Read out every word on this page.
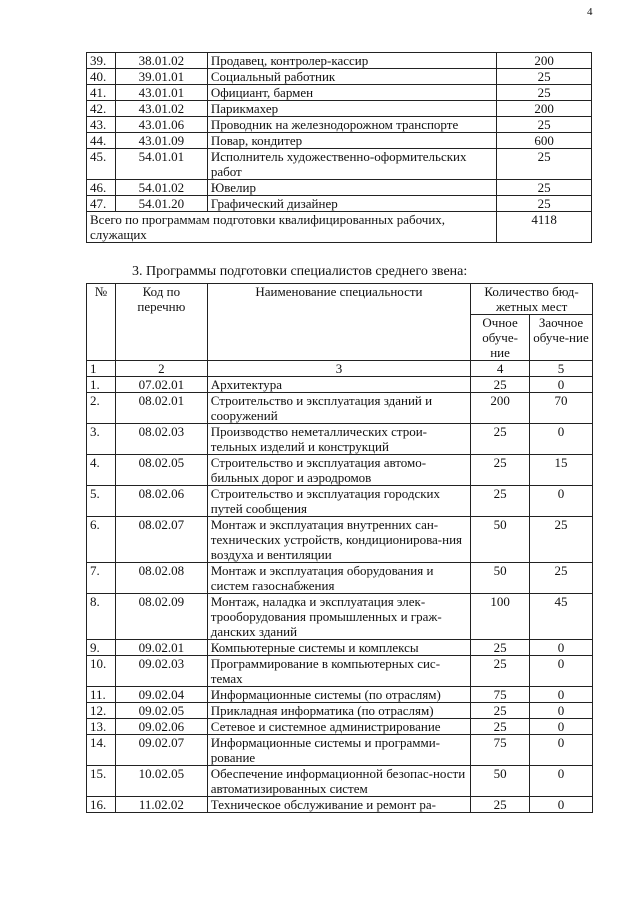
4
39.	38.01.02	Продавец, контролер-кассир	200
40.	39.01.01	Социальный работник	25
41.	43.01.01	Официант, бармен	25
42.	43.01.02	Парикмахер	200
43.	43.01.06	Проводник на железнодорожном транспорте	25
44.	43.01.09	Повар, кондитер	600
45.	54.01.01	Исполнитель художественно-оформительских работ	25
46.	54.01.02	Ювелир	25
47.	54.01.20	Графический дизайнер	25
Всего по программам подготовки квалифицированных рабочих, служащих			4118
3. Программы подготовки специалистов среднего звена:
№	Код по перечню	Наименование специальности	Количество бюд-жетных мест	
			Очное обуче-ние	Заочное обуче-ние
1	2	3	4	5
1.	07.02.01	Архитектура	25	0
2.	08.02.01	Строительство и эксплуатация зданий и сооружений	200	70
3.	08.02.03	Производство неметаллических строи-тельных изделий и конструкций	25	0
4.	08.02.05	Строительство и эксплуатация автомо-бильных дорог и аэродромов	25	15
5.	08.02.06	Строительство и эксплуатация городских путей сообщения	25	0
6.	08.02.07	Монтаж и эксплуатация внутренних сан-технических устройств, кондиционирова-ния воздуха и вентиляции	50	25
7.	08.02.08	Монтаж и эксплуатация оборудования и систем газоснабжения	50	25
8.	08.02.09	Монтаж, наладка и эксплуатация элек-трооборудования промышленных и граж-данских зданий	100	45
9.	09.02.01	Компьютерные системы и комплексы	25	0
10.	09.02.03	Программирование в компьютерных сис-темах	25	0
11.	09.02.04	Информационные системы (по отраслям)	75	0
12.	09.02.05	Прикладная информатика (по отраслям)	25	0
13.	09.02.06	Сетевое и системное администрирование	25	0
14.	09.02.07	Информационные системы и программи-рование	75	0
15.	10.02.05	Обеспечение информационной безопас-ности автоматизированных систем	50	0
16.	11.02.02	Техническое обслуживание и ремонт ра-	25	0
